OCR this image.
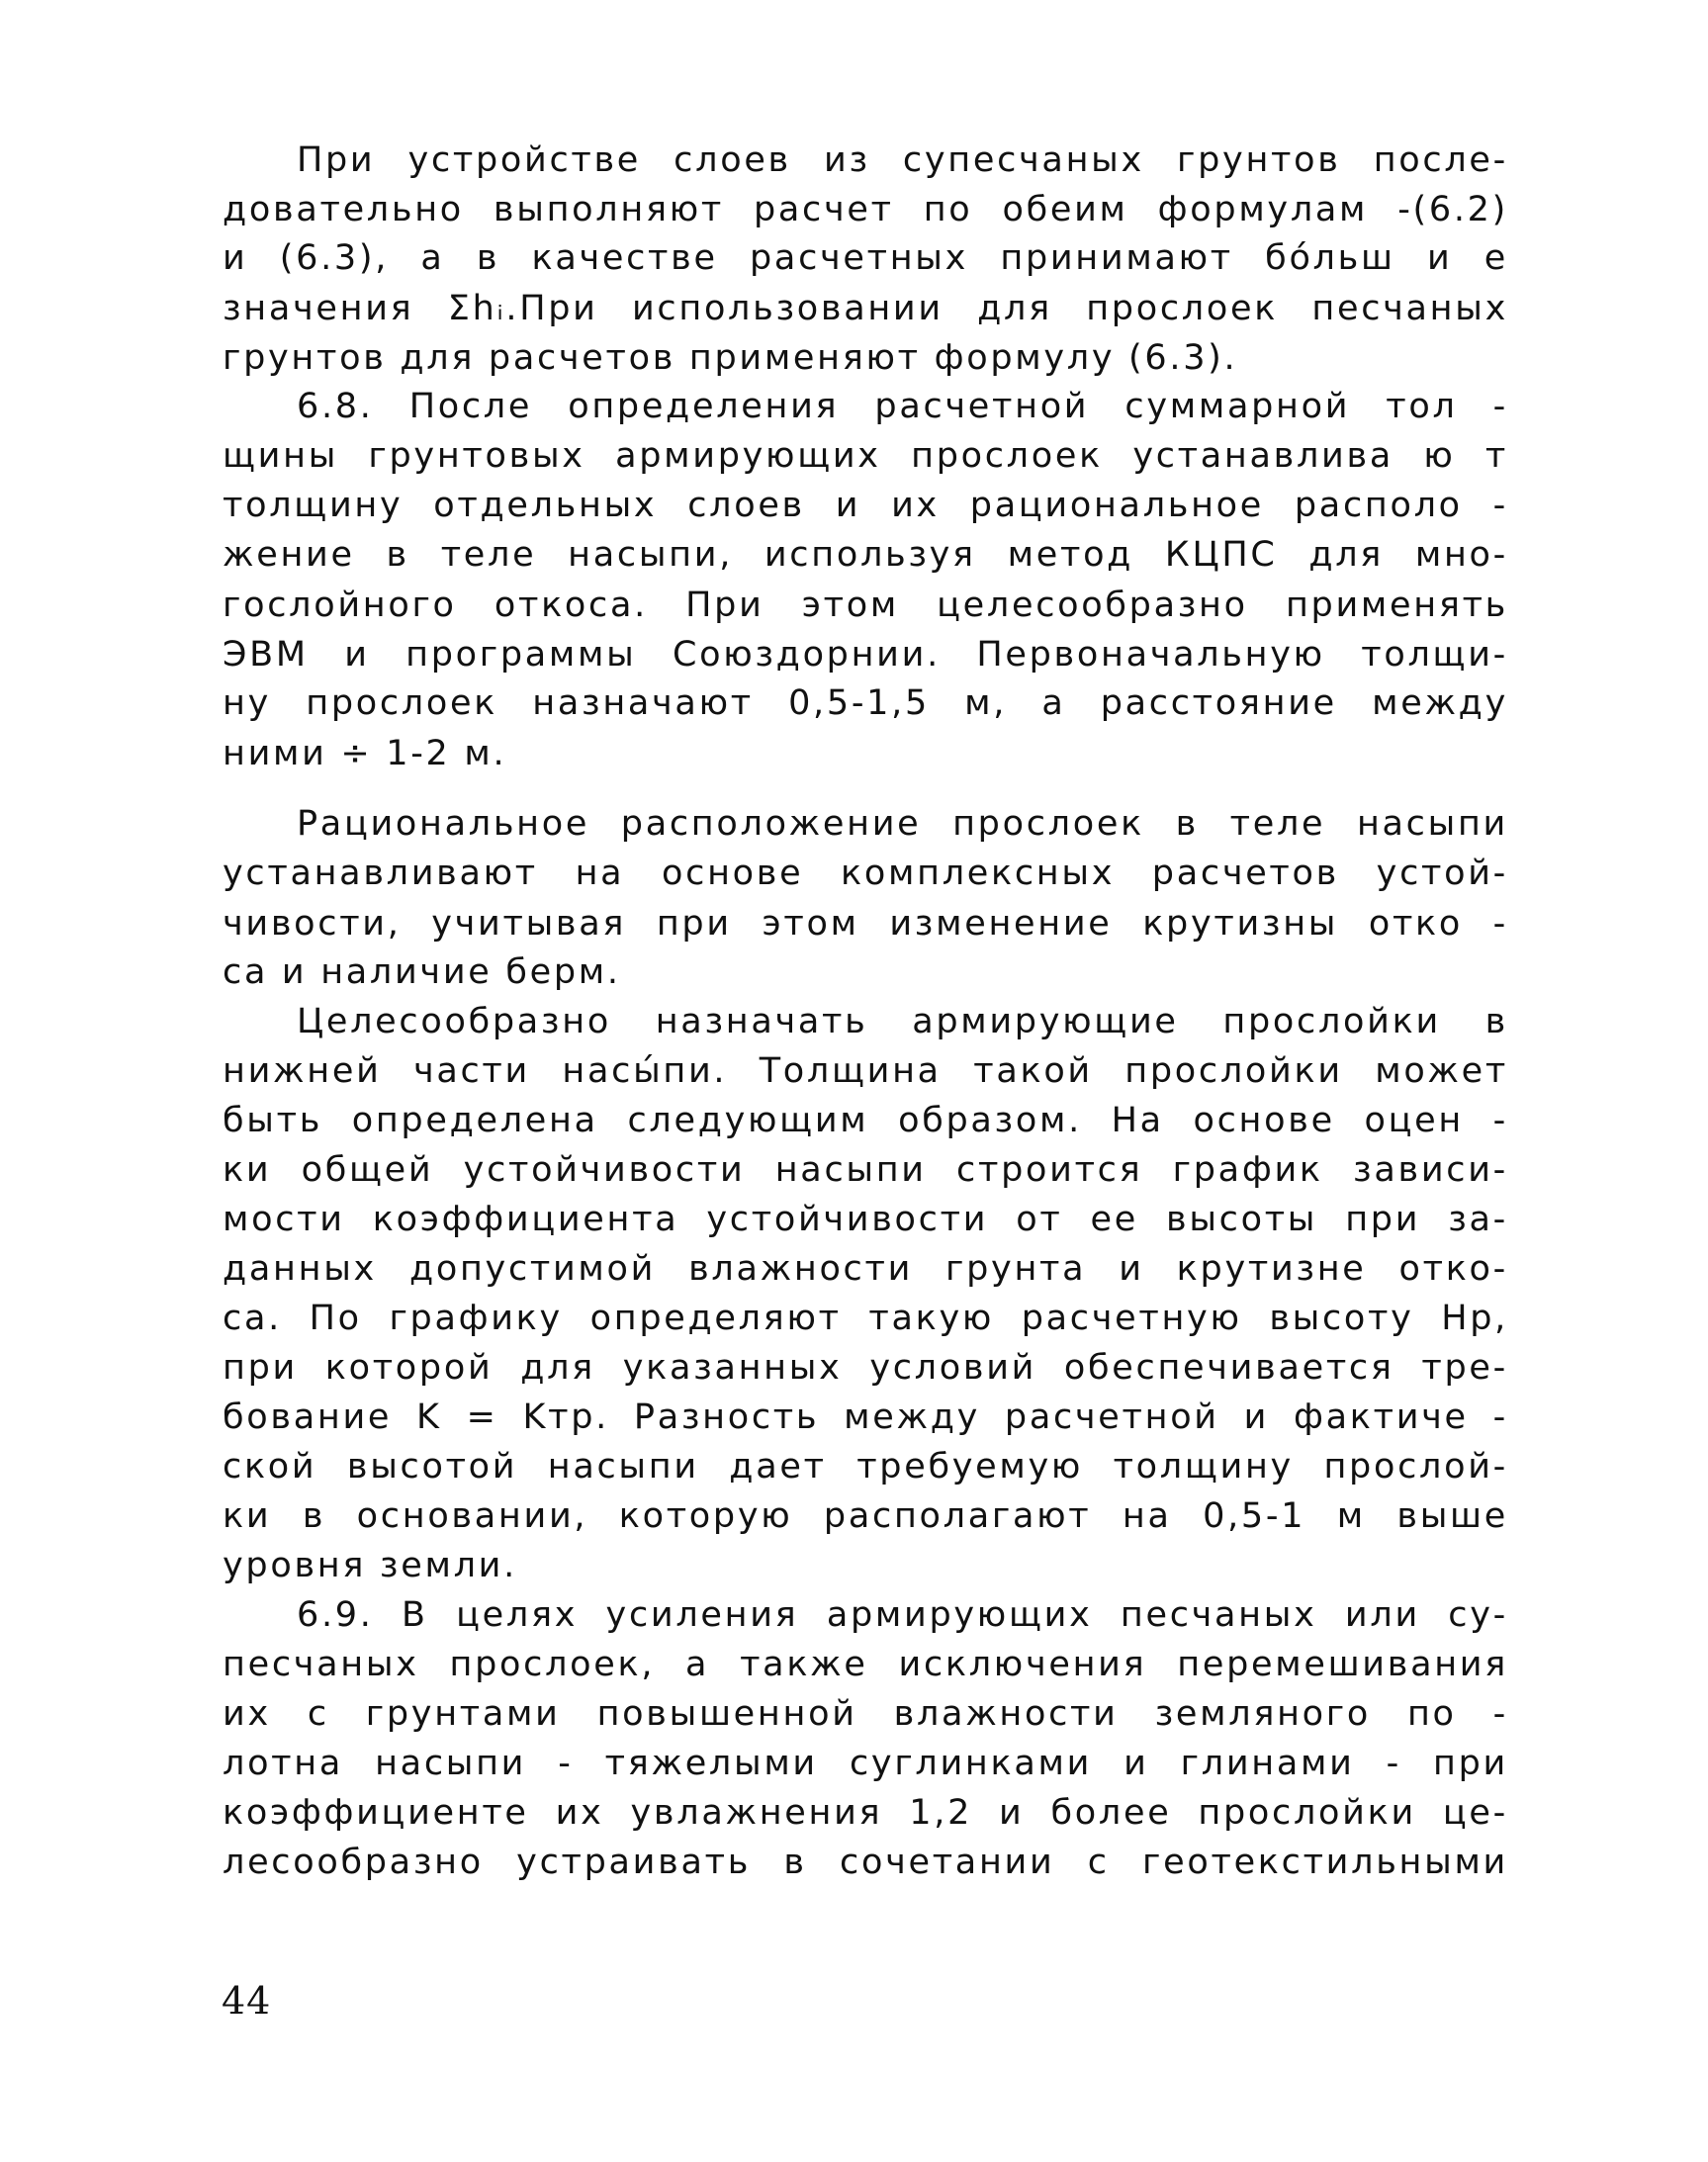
При устройстве слоев из супесчаных грунтов после-
довательно выполняют расчет по обеим формулам -(6.2)
и (6.3), а в качестве расчетных принимают бо́льш и е
значения Σhᵢ.При использовании для прослоек песчаных
грунтов для расчетов применяют формулу (6.3).
6.8. После определения расчетной суммарной тол -
щины грунтовых армирующих прослоек устанавлива ю т
толщину отдельных слоев и их рациональное располо -
жение в теле насыпи, используя метод КЦПС для мно-
гослойного откоса. При этом целесообразно применять
ЭВМ и программы Союздорнии. Первоначальную толщи-
ну прослоек назначают 0,5-1,5 м, а расстояние между
ними ÷ 1-2 м.
Рациональное расположение прослоек в теле насыпи
устанавливают на основе комплексных расчетов устой-
чивости, учитывая при этом изменение крутизны отко -
са и наличие берм.
Целесообразно назначать армирующие прослойки в
нижней части насы́пи. Толщина такой прослойки может
быть определена следующим образом. На основе оцен -
ки общей устойчивости насыпи строится график зависи-
мости коэффициента устойчивости от ее высоты при за-
данных допустимой влажности грунта и крутизне отко-
са. По графику определяют такую расчетную высоту Hр,
при которой для указанных условий обеспечивается тре-
бование K = Kтр. Разность между расчетной и фактиче -
ской высотой насыпи дает требуемую толщину прослой-
ки в основании, которую располагают на 0,5-1 м выше
уровня земли.
6.9. В целях усиления армирующих песчаных или су-
песчаных прослоек, а также исключения перемешивания
их с грунтами повышенной влажности земляного по -
лотна насыпи - тяжелыми суглинками и глинами - при
коэффициенте их увлажнения 1,2 и более прослойки це-
лесообразно устраивать в сочетании с геотекстильными
44
